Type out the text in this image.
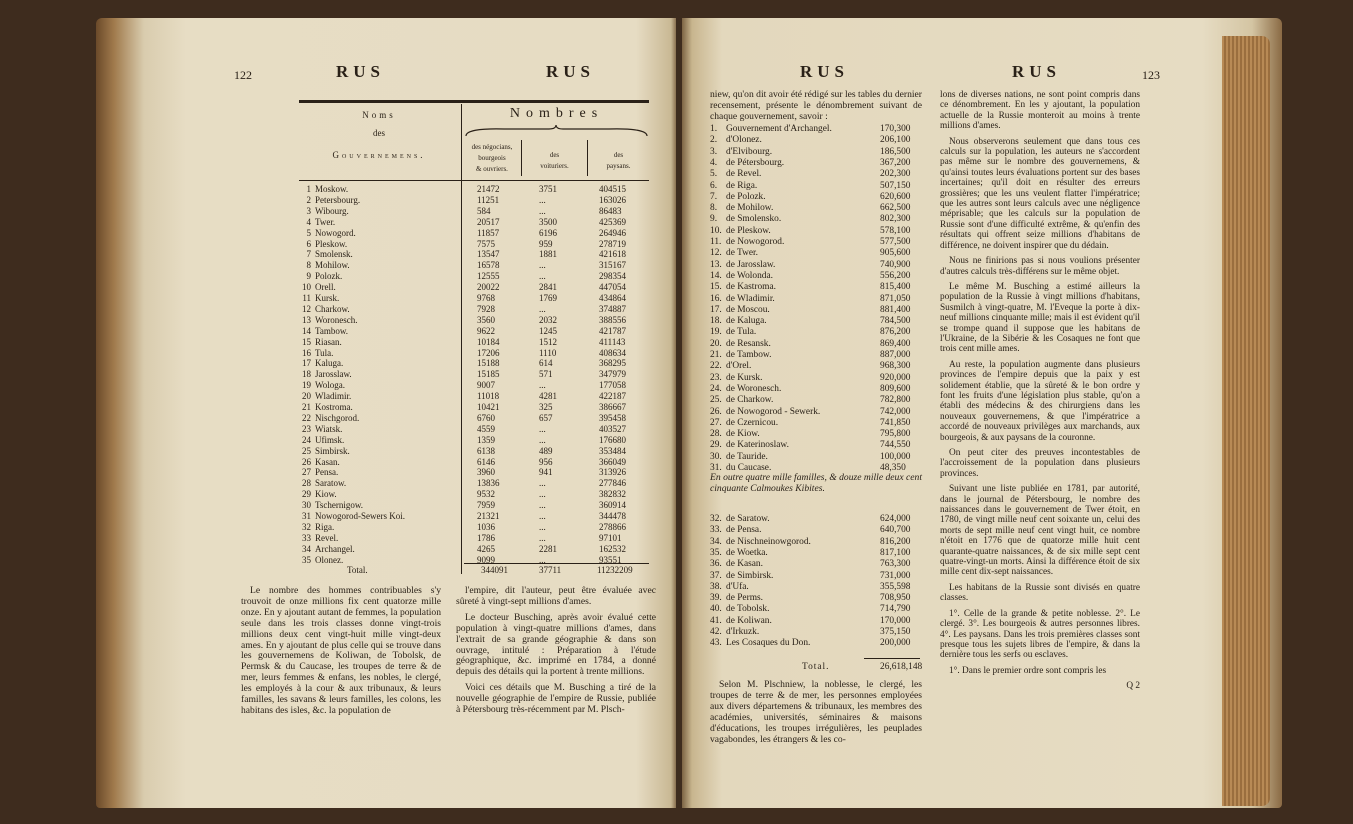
122	RUS	RUS
Noms
des
Gouvernemens.
Nombres
des négocians,
bourgeois
& ouvriers.
des
voituriers.
des
paysans.
1 Moskow.	21472	3751	404515
2 Petersbourg.	11251	...	163026
3 Wibourg.	584	...	86483
4 Twer.	20517	3500	425369
5 Nowogord.	11857	6196	264946
6 Pleskow.	7575	959	278719
7 Smolensk.	13547	1881	421618
8 Mohilow.	16578	...	315167
9 Polozk.	12555	...	298354
10 Orell.	20022	2841	447054
11 Kursk.	9768	1769	434864
12 Charkow.	7928	...	374887
13 Woronesch.	3560	2032	388556
14 Tambow.	9622	1245	421787
15 Riasan.	10184	1512	411143
16 Tula.	17206	1110	408634
17 Kaluga.	15188	614	368295
18 Jarosslaw.	15185	571	347979
19 Wologa.	9007	...	177058
20 Wladimir.	11018	4281	422187
21 Kostroma.	10421	325	386667
22 Nischgorod.	6760	657	395458
23 Wiatsk.	4559	...	403527
24 Ufimsk.	1359	...	176680
25 Simbirsk.	6138	489	353484
26 Kasan.	6146	956	366049
27 Pensa.	3960	941	313926
28 Saratow.	13836	...	277846
29 Kiow.	9532	...	382832
30 Tschernigow.	7959	...	360914
31 Nowogorod-Sewers Koi.	21321	...	344478
32 Riga.	1036	...	278866
33 Revel.	1786	...	97101
34 Archangel.	4265	2281	162532
35 Olonez.	9099	...	93551
Total.	344091	37711	11232209

Le nombre des hommes contribuables s'y trouvoit de onze millions fix cent quatorze mille onze. En y ajoutant autant de femmes, la population seule dans les trois classes donne vingt-trois millions deux cent vingt-huit mille vingt-deux ames. En y ajoutant de plus celle qui se trouve dans les gouvernemens de Koliwan, de Tobolsk, de Permsk & du Caucase, les troupes de terre & de mer, leurs femmes & enfans, les nobles, le clergé, les employés à la cour & aux tribunaux, & leurs familles, les savans & leurs familles, les colons, les habitans des isles, &c. la population de

l'empire, dit l'auteur, peut être évaluée avec sûreté à vingt-sept millions d'ames.

Le docteur Busching, après avoir évalué cette population à vingt-quatre millions d'ames, dans l'extrait de sa grande géographie & dans son ouvrage, intitulé : Préparation à l'étude géographique, &c. imprimé en 1784, a donné depuis des détails qui la portent à trente millions.

Voici ces détails que M. Busching a tiré de la nouvelle géographie de l'empire de Russie, publiée à Pétersbourg très-récemment par M. Plsch-

RUS	RUS	123

niew, qu'on dit avoir été rédigé sur les tables du dernier recensement, présente le dénombrement suivant de chaque gouvernement, savoir :

1. Gouvernement d'Archangel.	170,300
2. d'Olonez.	206,100
3. d'Elvibourg.	186,500
4. de Pétersbourg.	367,200
5. de Revel.	202,300
6. de Riga.	507,150
7. de Polozk.	620,600
8. de Mohilow.	662,500
9. de Smolensko.	802,300
10. de Pleskow.	578,100
11. de Nowogorod.	577,500
12. de Twer.	905,600
13. de Jarosslaw.	740,900
14. de Wolonda.	556,200
15. de Kastroma.	815,400
16. de Wladimir.	871,050
17. de Moscou.	881,400
18. de Kaluga.	784,500
19. de Tula.	876,200
20. de Resansk.	869,400
21. de Tambow.	887,000
22. d'Orel.	968,300
23. de Kursk.	920,000
24. de Woronesch.	809,600
25. de Charkow.	782,800
26. de Nowogorod - Sewerk.	742,000
27. de Czernicou.	741,850
28. de Kiow.	795,800
29. de Katerinoslaw.	744,550
30. de Tauride.	100,000
31. du Caucase.	48,350

En outre quatre mille familles, & douze mille deux cent cinquante Calmoukes Kibites.

32. de Saratow.	624,000
33. de Pensa.	640,700
34. de Nischneinowgorod.	816,200
35. de Woetka.	817,100
36. de Kasan.	763,300
37. de Simbirsk.	731,000
38. d'Ufa.	355,598
39. de Perms.	708,950
40. de Tobolsk.	714,790
41. de Koliwan.	170,000
42. d'Irkuzk.	375,150
43. Les Cosaques du Don.	200,000
Total.	26,618,148

Selon M. Plschniew, la noblesse, le clergé, les troupes de terre & de mer, les personnes employées aux divers départemens & tribunaux, les membres des académies, universités, séminaires & maisons d'éducations, les troupes irrégulières, les peuplades vagabondes, les étrangers & les co-

lons de diverses nations, ne sont point compris dans ce dénombrement. En les y ajoutant, la population actuelle de la Russie monteroit au moins à trente millions d'ames.

Nous observerons seulement que dans tous ces calculs sur la population, les auteurs ne s'accordent pas même sur le nombre des gouvernemens, & qu'ainsi toutes leurs évaluations portent sur des bases incertaines; qu'il doit en résulter des erreurs grossières; que les uns veulent flatter l'impératrice; que les autres sont leurs calculs avec une négligence méprisable; que les calculs sur la population de Russie sont d'une difficulté extrême, & qu'enfin des résultats qui offrent seize millions d'habitans de différence, ne doivent inspirer que du dédain.

Nous ne finirions pas si nous voulions présenter d'autres calculs très-différens sur le même objet.

Le même M. Busching a estimé ailleurs la population de la Russie à vingt millions d'habitans, Susmilch à vingt-quatre, M. l'Eveque la porte à dix-neuf millions cinquante mille; mais il est évident qu'il se trompe quand il suppose que les habitans de l'Ukraine, de la Sibérie & les Cosaques ne font que trois cent mille ames.

Au reste, la population augmente dans plusieurs provinces de l'empire depuis que la paix y est solidement établie, que la sûreté & le bon ordre y font les fruits d'une législation plus stable, qu'on a établi des médecins & des chirurgiens dans les nouveaux gouvernemens, & que l'impératrice a accordé de nouveaux privilèges aux marchands, aux bourgeois, & aux paysans de la couronne.

On peut citer des preuves incontestables de l'accroissement de la population dans plusieurs provinces.

Suivant une liste publiée en 1781, par autorité, dans le journal de Pétersbourg, le nombre des naissances dans le gouvernement de Twer étoit, en 1780, de vingt mille neuf cent soixante un, celui des morts de sept mille neuf cent vingt huit, ce nombre n'étoit en 1776 que de quatorze mille huit cent quarante-quatre naissances, & de six mille sept cent quatre-vingt-un morts. Ainsi la différence étoit de six mille cent dix-sept naissances.

Les habitans de la Russie sont divisés en quatre classes.

1°. Celle de la grande & petite noblesse. 2°. Le clergé. 3°. Les bourgeois & autres personnes libres. 4°. Les paysans. Dans les trois premières classes sont presque tous les sujets libres de l'empire, & dans la dernière tous les serfs ou esclaves.

1°. Dans le premier ordre sont compris les

Q 2
